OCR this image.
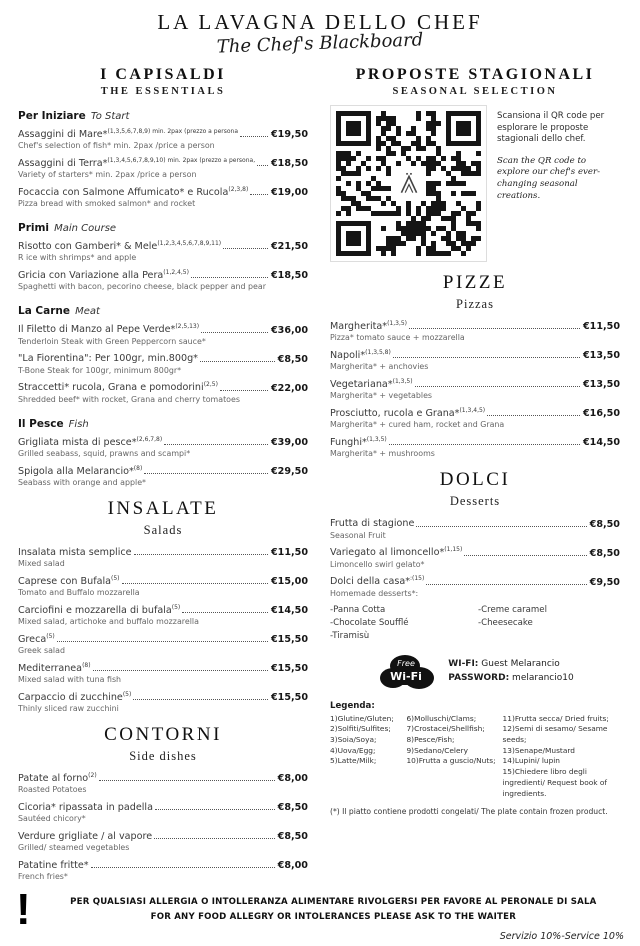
LA LAVAGNA DELLO CHEF
The Chef's Blackboard
I CAPISALDI
THE ESSENTIALS
Per Iniziare To Start
Assaggini di Mare*$^{(1,3,5,6,7,8,9) min. 2pax (prezzo a persona}$	€19,50
Chef's selection of fish* min. 2pax /price a person
Assaggini di Terra*$^{(1,3,4,5,6,7,8,9,10) min. 2pax (prezzo a persona,}$ €18,50
Variety of starters* min. 2pax /price a person
Focaccia con Salmone Affumicato* e Rucola$^{(2,3,8)}$ €19,00
Pizza bread with smoked salmon* and rocket
Primi Main Course
Risotto con Gamberi* & Mele$^{(1,2,3,4,5,6,7,8,9,11)}$	€21,50
R ice with shrimps* and apple
Gricia con Variazione alla Pera$^{(1,2,4,5)}$	€18,50
Spaghetti with bacon, pecorino cheese, black pepper and pear
La Carne Meat
Il Filetto di Manzo al Pepe Verde*$^{(2,5,13)}$	€36,00
Tenderloin Steak with Green Peppercorn sauce*
"La Fiorentina": Per 100gr, min.800g*	€8,50
T-Bone Steak for 100gr, minimum 800gr*
Straccetti* rucola, Grana e pomodorini$^{(2,5)}$	€22,00
Shredded beef* with rocket, Grana and cherry tomatoes
Il Pesce Fish
Grigliata mista di pesce*$^{(2,6,7,8)}$	€39,00
Grilled seabass, squid, prawns and scampi*
Spigola alla Melarancio*$^{(8)}$	€29,50
Seabass with orange and apple*
INSALATE
Salads
Insalata mista semplice	€11,50
Mixed salad
Caprese con Bufala$^{(5)}$	€15,00
Tomato and Buffalo mozzarella
Carciofini e mozzarella di bufala$^{(5)}$	€14,50
Mixed salad, artichoke and buffalo mozzarella
Greca$^{(5)}$	€15,50
Greek salad
Mediterranea$^{(8)}$	€15,50
Mixed salad with tuna fish
Carpaccio di zucchine$^{(5)}$	€15,50
Thinly sliced raw zucchini
CONTORNI
Side dishes
Patate al forno$^{(2)}$	€8,00
Roasted Potatoes
Cicoria* ripassata in padella	€8,50
Sautéed chicory*
Verdure grigliate / al vapore	€8,50
Grilled/ steamed vegetables
Patatine fritte*	€8,00
French fries*
PROPOSTE STAGIONALI
SEASONAL SELECTION
Scansiona il QR code per esplorare le proposte stagionali dello chef.
Scan the QR code to explore our chef's ever-changing seasonal creations.
PIZZE
Pizzas
Margherita*$^{(1,3,5)}$	€11,50
Pizza* tomato sauce + mozzarella
Napoli*$^{(1,3,5,8)}$	€13,50
Margherita* + anchovies
Vegetariana*$^{(1,3,5)}$	€13,50
Margherita* + vegetables
Prosciutto, rucola e Grana*$^{(1,3,4,5)}$	€16,50
Margherita* + cured ham, rocket and Grana
Funghi*$^{(1,3,5)}$	€14,50
Margherita* + mushrooms
DOLCI
Desserts
Frutta di stagione	€8,50
Seasonal Fruit
Variegato al limoncello*$^{(1,15)}$	€8,50
Limoncello swirl gelato*
Dolci della casa*$^{:(15)}$	€9,50
Homemade desserts*:
-Panna Cotta	-Creme caramel
-Chocolate Soufflé	-Cheesecake
-Tiramisù
Free
Wi-Fi
WI-FI: Guest Melarancio
PASSWORD: melarancio10
Legenda:
1)Glutine/Gluten;
2)Solfiti/Sulfites;
3)Soia/Soya;
4)Uova/Egg;
5)Latte/Milk;
6)Molluschi/Clams;
7)Crostacei/Shellfish;
8)Pesce/Fish;
9)Sedano/Celery
10)Frutta a guscio/Nuts;
11)Frutta secca/ Dried fruits;
12)Semi di sesamo/ Sesame seeds;
13)Senape/Mustard
14)Lupini/ lupin
15)Chiedere libro degli ingredienti/ Request book of ingredients.
(*) Il piatto contiene prodotti congelati/ The plate contain frozen product.
!	PER QUALSIASI ALLERGIA O INTOLLERANZA ALIMENTARE RIVOLGERSI PER FAVORE AL PERONALE DI SALA
FOR ANY FOOD ALLEGRY OR INTOLERANCES PLEASE ASK TO THE WAITER
Servizio 10%-Service 10%
